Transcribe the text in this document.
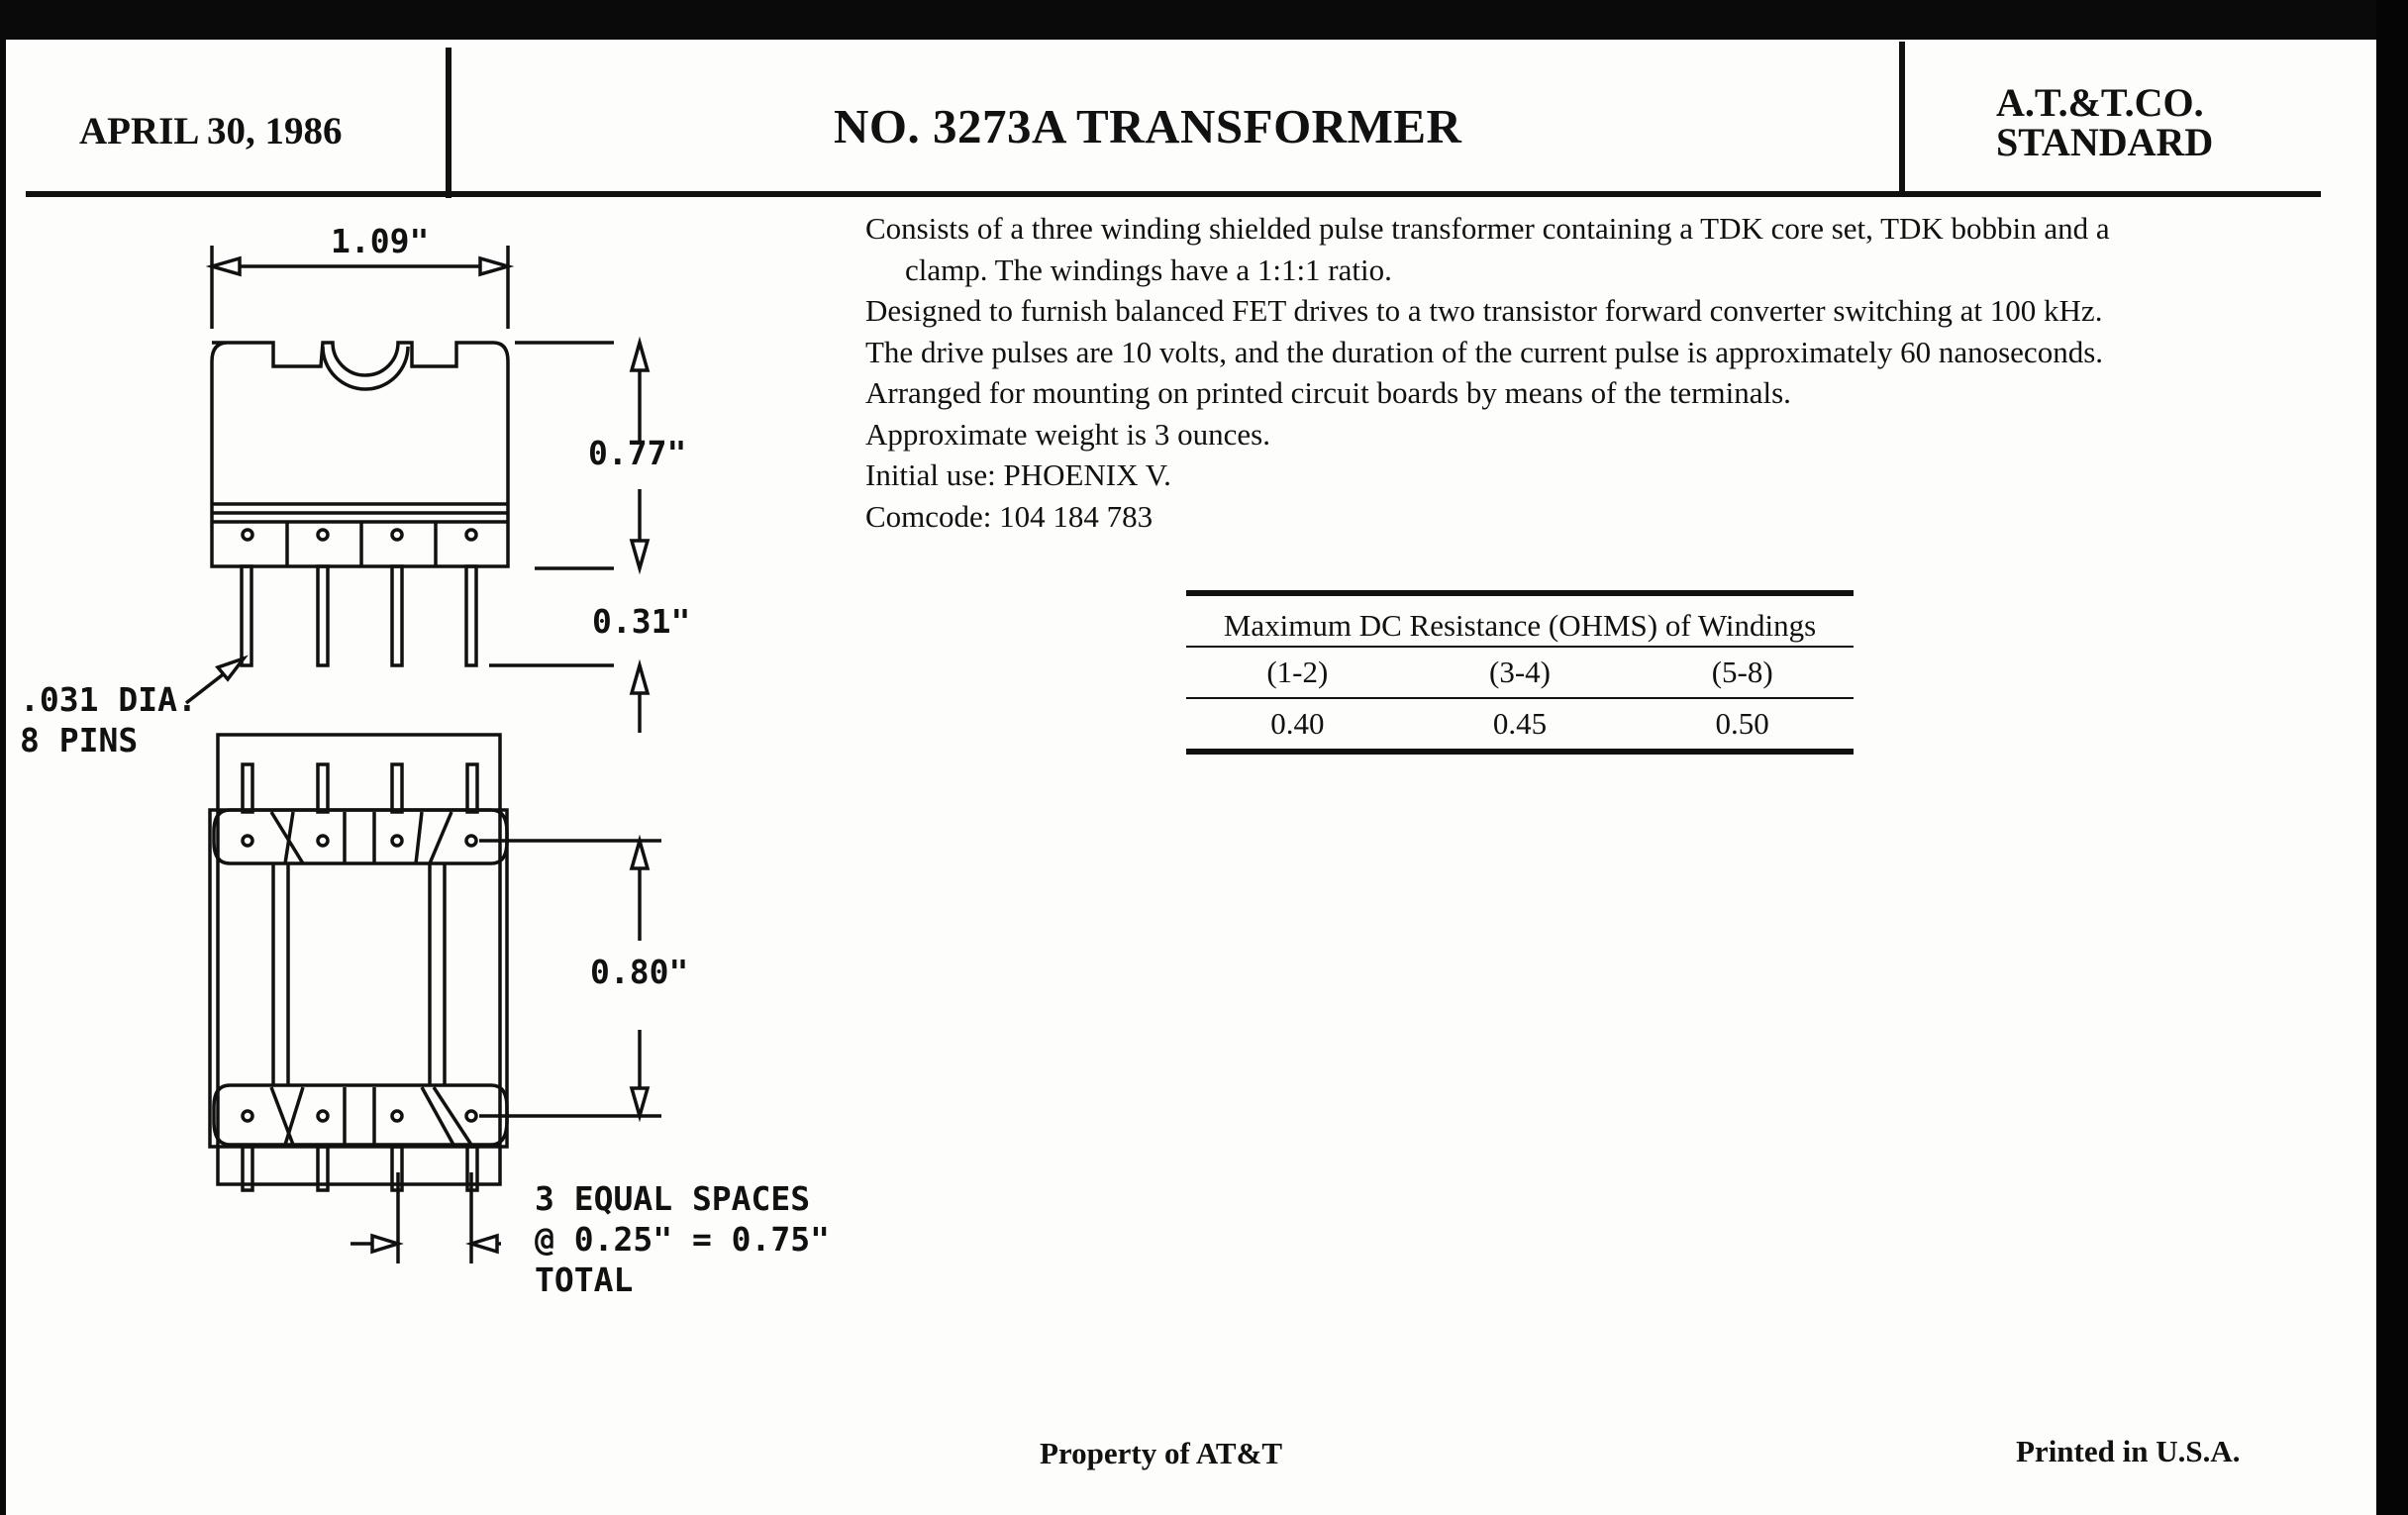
APRIL 30, 1986	NO. 3273A TRANSFORMER	A.T.&T.CO.
STANDARD
1.09"
0.77"
0.31"
0.80"
.031 DIA.
8 PINS
3 EQUAL SPACES
@ 0.25" = 0.75"
TOTAL

Consists of a three winding shielded pulse transformer containing a TDK core set, TDK bobbin and a
clamp. The windings have a 1:1:1 ratio.

Designed to furnish balanced FET drives to a two transistor forward converter switching at 100 kHz.

The drive pulses are 10 volts, and the duration of the current pulse is approximately 60 nanoseconds.

Arranged for mounting on printed circuit boards by means of the terminals.

Approximate weight is 3 ounces.

Initial use: PHOENIX V.

Comcode: 104 184 783

Maximum DC Resistance (OHMS) of Windings
(1-2)	(3-4)	(5-8)
0.40	0.45	0.50
Property of AT&T	Printed in U.S.A.
